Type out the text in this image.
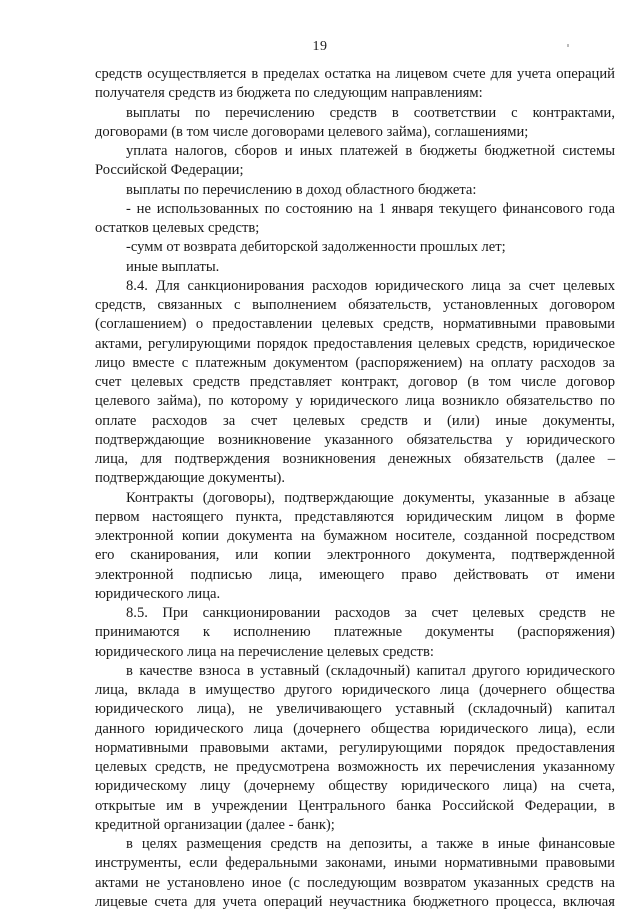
19
средств осуществляется в пределах остатка на лицевом счете для учета операций
получателя средств из бюджета по следующим направлениям:
выплаты по перечислению средств в соответствии с контрактами,
договорами (в том числе договорами целевого займа), соглашениями;
уплата налогов, сборов и иных платежей в бюджеты бюджетной системы
Российской Федерации;
выплаты по перечислению в доход областного бюджета:
- не использованных по состоянию на 1 января текущего финансового года
остатков целевых средств;
-сумм от возврата дебиторской задолженности прошлых лет;
иные выплаты.
8.4. Для санкционирования расходов юридического лица за счет целевых
средств, связанных с выполнением обязательств, установленных договором
(соглашением) о предоставлении целевых средств, нормативными правовыми
актами, регулирующими порядок предоставления целевых средств, юридическое
лицо вместе с платежным документом (распоряжением) на оплату расходов за
счет целевых средств представляет контракт, договор (в том числе договор
целевого займа), по которому у юридического лица возникло обязательство по
оплате расходов за счет целевых средств и (или) иные документы,
подтверждающие возникновение указанного обязательства у юридического
лица, для подтверждения возникновения денежных обязательств (далее –
подтверждающие документы).
Контракты (договоры), подтверждающие документы, указанные в абзаце
первом настоящего пункта, представляются юридическим лицом в форме
электронной копии документа на бумажном носителе, созданной посредством
его сканирования, или копии электронного документа, подтвержденной
электронной подписью лица, имеющего право действовать от имени
юридического лица.
8.5. При санкционировании расходов за счет целевых средств не
принимаются к исполнению платежные документы (распоряжения)
юридического лица на перечисление целевых средств:
в качестве взноса в уставный (складочный) капитал другого юридического
лица, вклада в имущество другого юридического лица (дочернего общества
юридического лица), не увеличивающего уставный (складочный) капитал
данного юридического лица (дочернего общества юридического лица), если
нормативными правовыми актами, регулирующими порядок предоставления
целевых средств, не предусмотрена возможность их перечисления указанному
юридическому лицу (дочернему обществу юридического лица) на счета,
открытые им в учреждении Центрального банка Российской Федерации, в
кредитной организации (далее - банк);
в целях размещения средств на депозиты, а также в иные финансовые
инструменты, если федеральными законами, иными нормативными правовыми
актами не установлено иное (с последующим возвратом указанных средств на
лицевые счета для учета операций неучастника бюджетного процесса, включая
